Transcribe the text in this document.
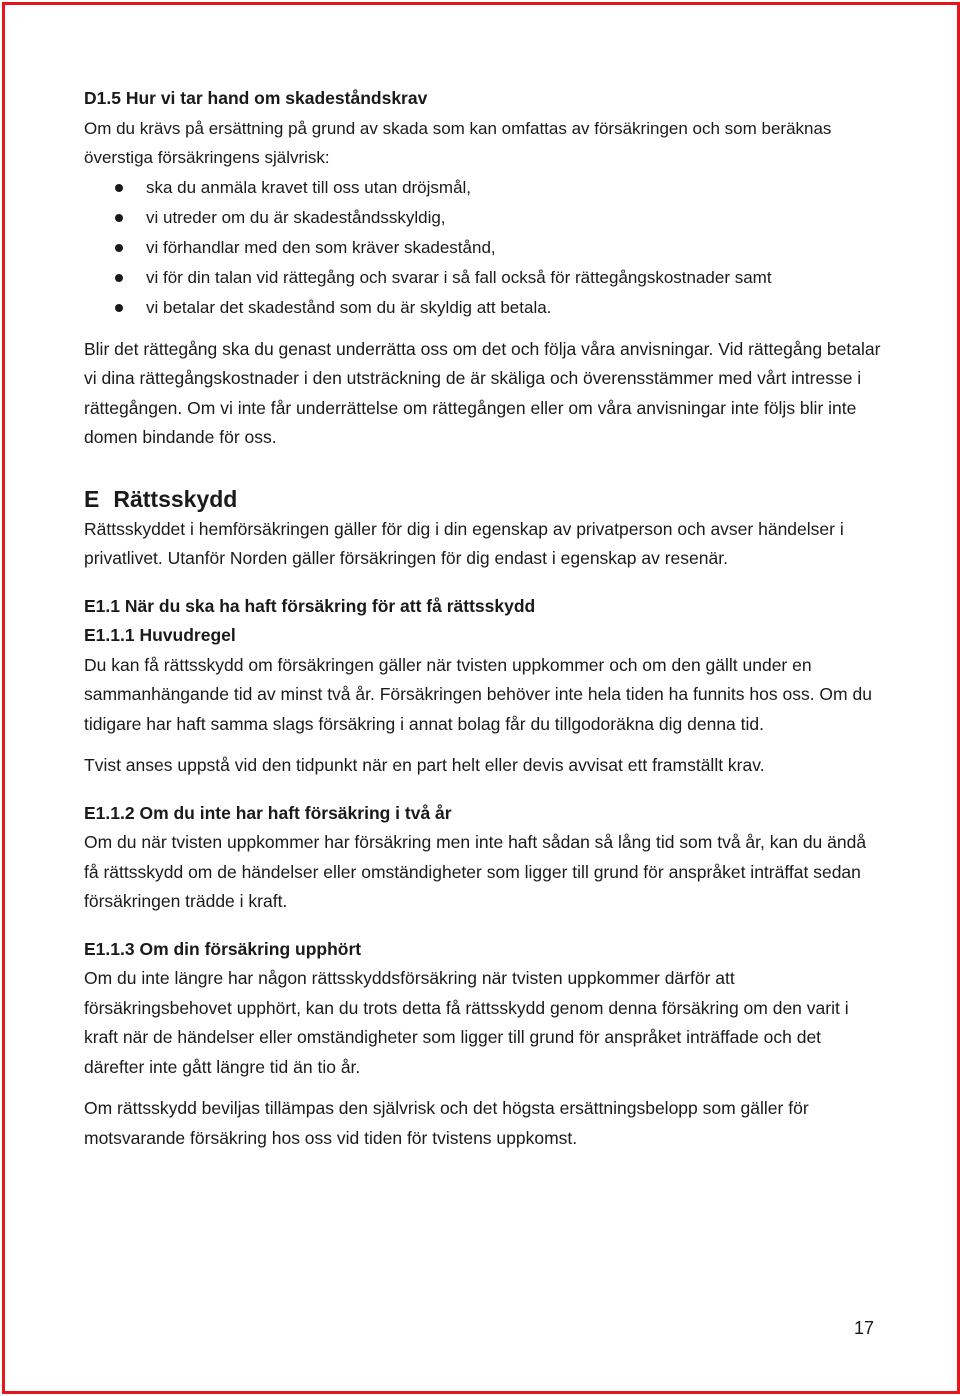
D1.5 Hur vi tar hand om skadeståndskrav

Om du krävs på ersättning på grund av skada som kan omfattas av försäkringen och som beräknas överstiga försäkringens självrisk:

ska du anmäla kravet till oss utan dröjsmål,
vi utreder om du är skadeståndsskyldig,
vi förhandlar med den som kräver skadestånd,
vi för din talan vid rättegång och svarar i så fall också för rättegångskostnader samt
vi betalar det skadestånd som du är skyldig att betala.

Blir det rättegång ska du genast underrätta oss om det och följa våra anvisningar. Vid rättegång betalar vi dina rättegångskostnader i den utsträckning de är skäliga och överensstämmer med vårt intresse i rättegången. Om vi inte får underrättelse om rättegången eller om våra anvisningar inte följs blir inte domen bindande för oss.

E Rättsskydd

Rättsskyddet i hemförsäkringen gäller för dig i din egenskap av privatperson och avser händelser i privatlivet. Utanför Norden gäller försäkringen för dig endast i egenskap av resenär.

E1.1 När du ska ha haft försäkring för att få rättsskydd
E1.1.1 Huvudregel

Du kan få rättsskydd om försäkringen gäller när tvisten uppkommer och om den gällt under en sammanhängande tid av minst två år. Försäkringen behöver inte hela tiden ha funnits hos oss. Om du tidigare har haft samma slags försäkring i annat bolag får du tillgodoräkna dig denna tid.

Tvist anses uppstå vid den tidpunkt när en part helt eller devis avvisat ett framställt krav.

E1.1.2 Om du inte har haft försäkring i två år

Om du när tvisten uppkommer har försäkring men inte haft sådan så lång tid som två år, kan du ändå få rättsskydd om de händelser eller omständigheter som ligger till grund för anspråket inträffat sedan försäkringen trädde i kraft.

E1.1.3 Om din försäkring upphört

Om du inte längre har någon rättsskyddsförsäkring när tvisten uppkommer därför att försäkringsbehovet upphört, kan du trots detta få rättsskydd genom denna försäkring om den varit i kraft när de händelser eller omständigheter som ligger till grund för anspråket inträffade och det därefter inte gått längre tid än tio år.

Om rättsskydd beviljas tillämpas den självrisk och det högsta ersättningsbelopp som gäller för motsvarande försäkring hos oss vid tiden för tvistens uppkomst.

17
